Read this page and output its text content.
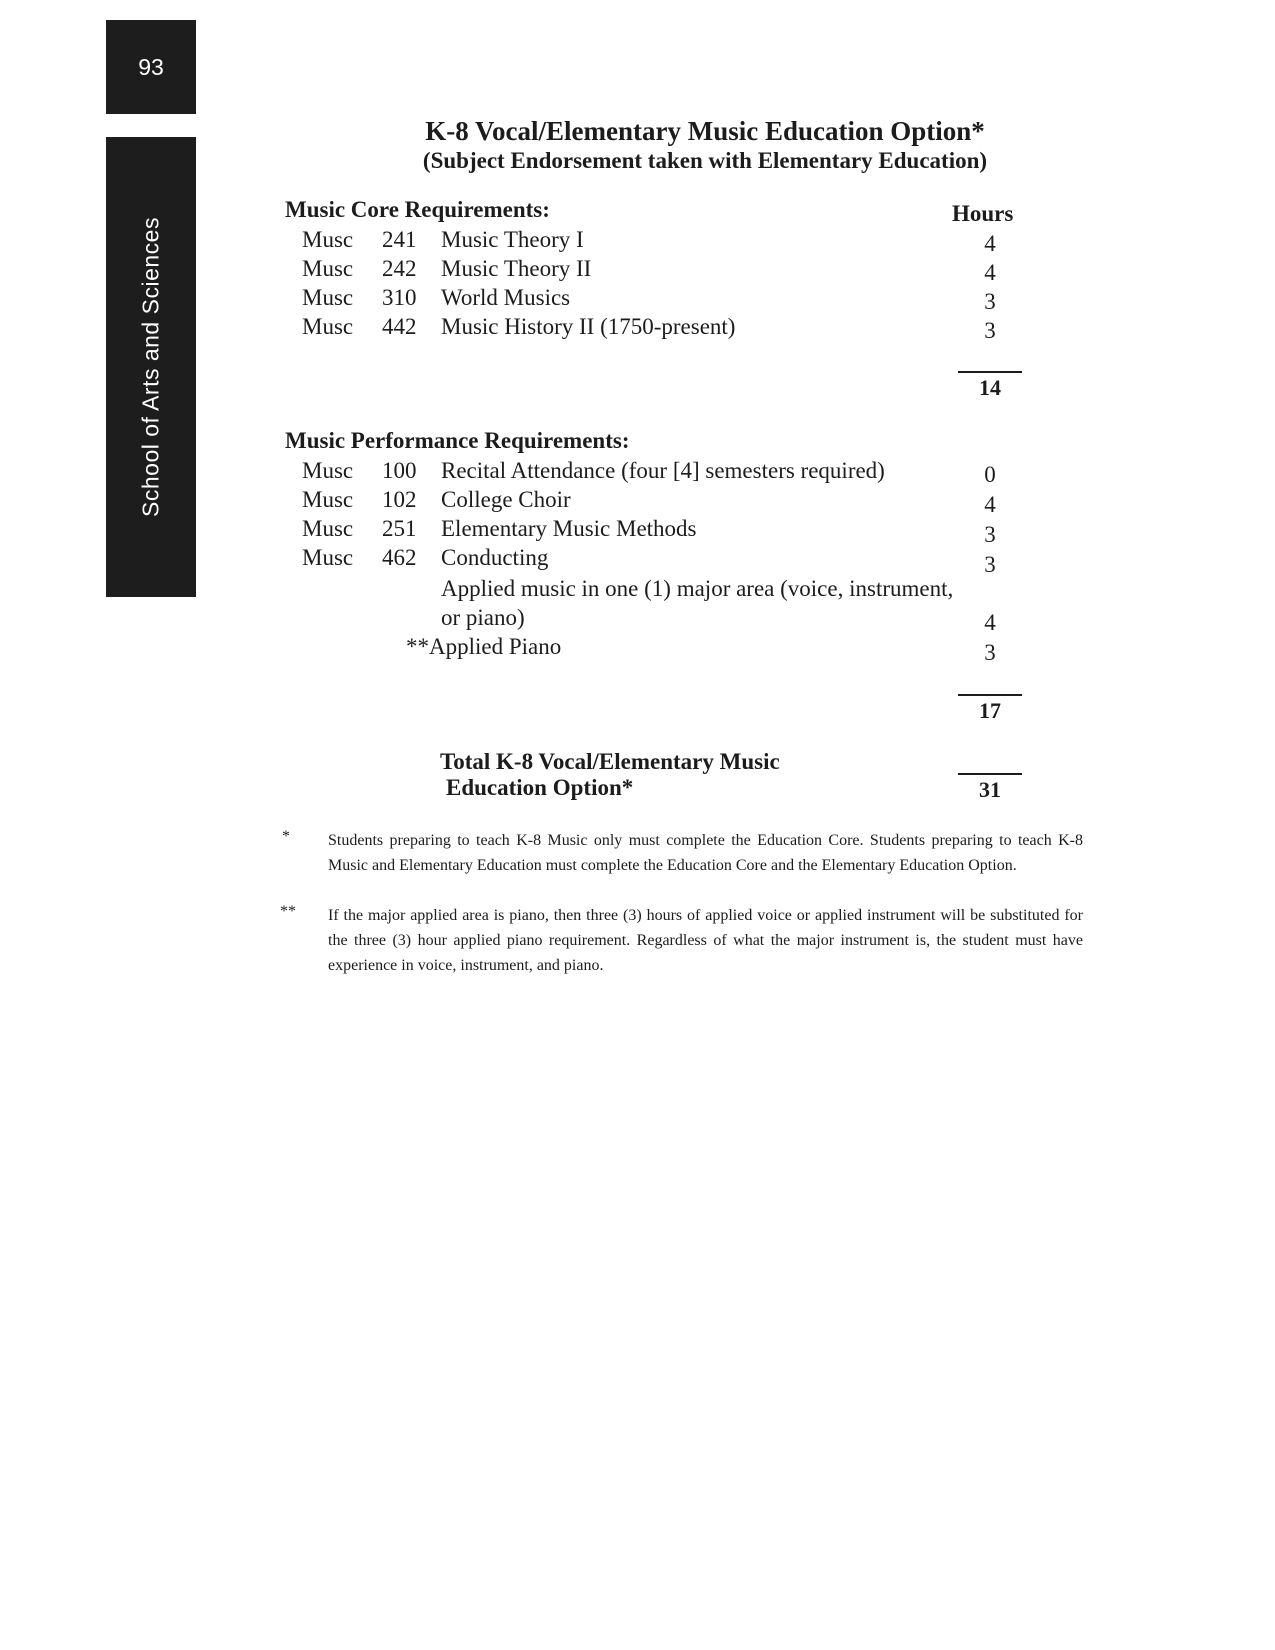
93
School of Arts and Sciences
K-8 Vocal/Elementary Music Education Option*
(Subject Endorsement taken with Elementary Education)
Music Core Requirements:	Hours
Musc 241 Music Theory I	4
Musc 242 Music Theory II	4
Musc 310 World Musics	3
Musc 442 Music History II (1750-present)	3
14
Music Performance Requirements:
Musc 100 Recital Attendance (four [4] semesters required)	0
Musc 102 College Choir	4
Musc 251 Elementary Music Methods	3
Musc 462 Conducting	3
Applied music in one (1) major area (voice, instrument,
or piano)	4
**Applied Piano	3
17
Total K-8 Vocal/Elementary Music
Education Option*	31
* Students preparing to teach K-8 Music only must complete the Education Core. Students preparing to teach K-8 Music and Elementary Education must complete the Education Core and the Elementary Education Option.
** If the major applied area is piano, then three (3) hours of applied voice or applied instrument will be substituted for the three (3) hour applied piano requirement. Regardless of what the major instrument is, the student must have experience in voice, instrument, and piano.
